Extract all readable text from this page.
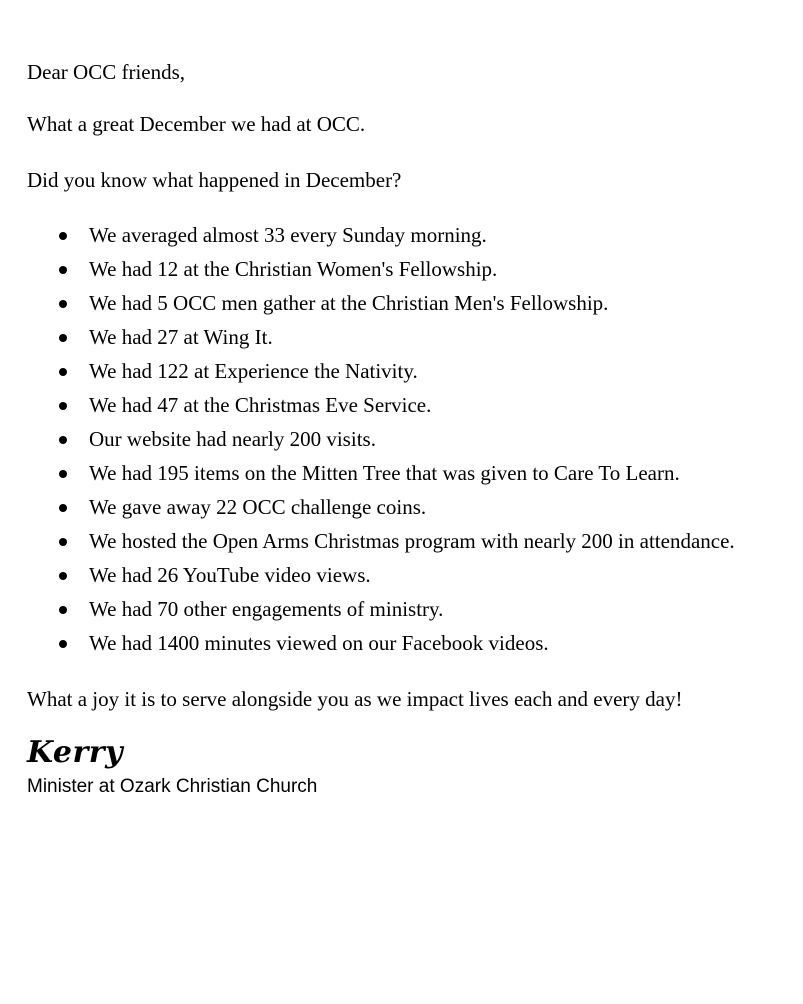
Dear OCC friends,

What a great December we had at OCC.

Did you know what happened in December?

We averaged almost 33 every Sunday morning.
We had 12 at the Christian Women's Fellowship.
We had 5 OCC men gather at the Christian Men's Fellowship.
We had 27 at Wing It.
We had 122 at Experience the Nativity.
We had 47 at the Christmas Eve Service.
Our website had nearly 200 visits.
We had 195 items on the Mitten Tree that was given to Care To Learn.
We gave away 22 OCC challenge coins.
We hosted the Open Arms Christmas program with nearly 200 in attendance.
We had 26 YouTube video views.
We had 70 other engagements of ministry.
We had 1400 minutes viewed on our Facebook videos.

What a joy it is to serve alongside you as we impact lives each and every day!

Kerry

Minister at Ozark Christian Church
